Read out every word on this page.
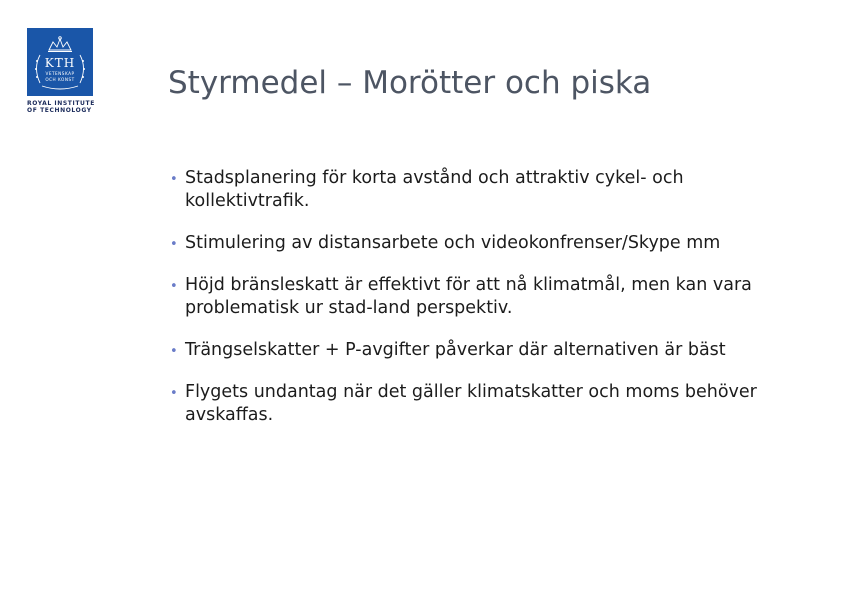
KTH
VETENSKAP
OCH KONST
ROYAL INSTITUTE
OF TECHNOLOGY
Styrmedel – Morötter och piska
• Stadsplanering för korta avstånd och attraktiv cykel- och kollektivtrafik.
• Stimulering av distansarbete och videokonfrenser/Skype mm
• Höjd bränsleskatt är effektivt för att nå klimatmål, men kan vara problematisk ur stad-land perspektiv.
• Trängselskatter + P-avgifter påverkar där alternativen är bäst
• Flygets undantag när det gäller klimatskatter och moms behöver avskaffas.
